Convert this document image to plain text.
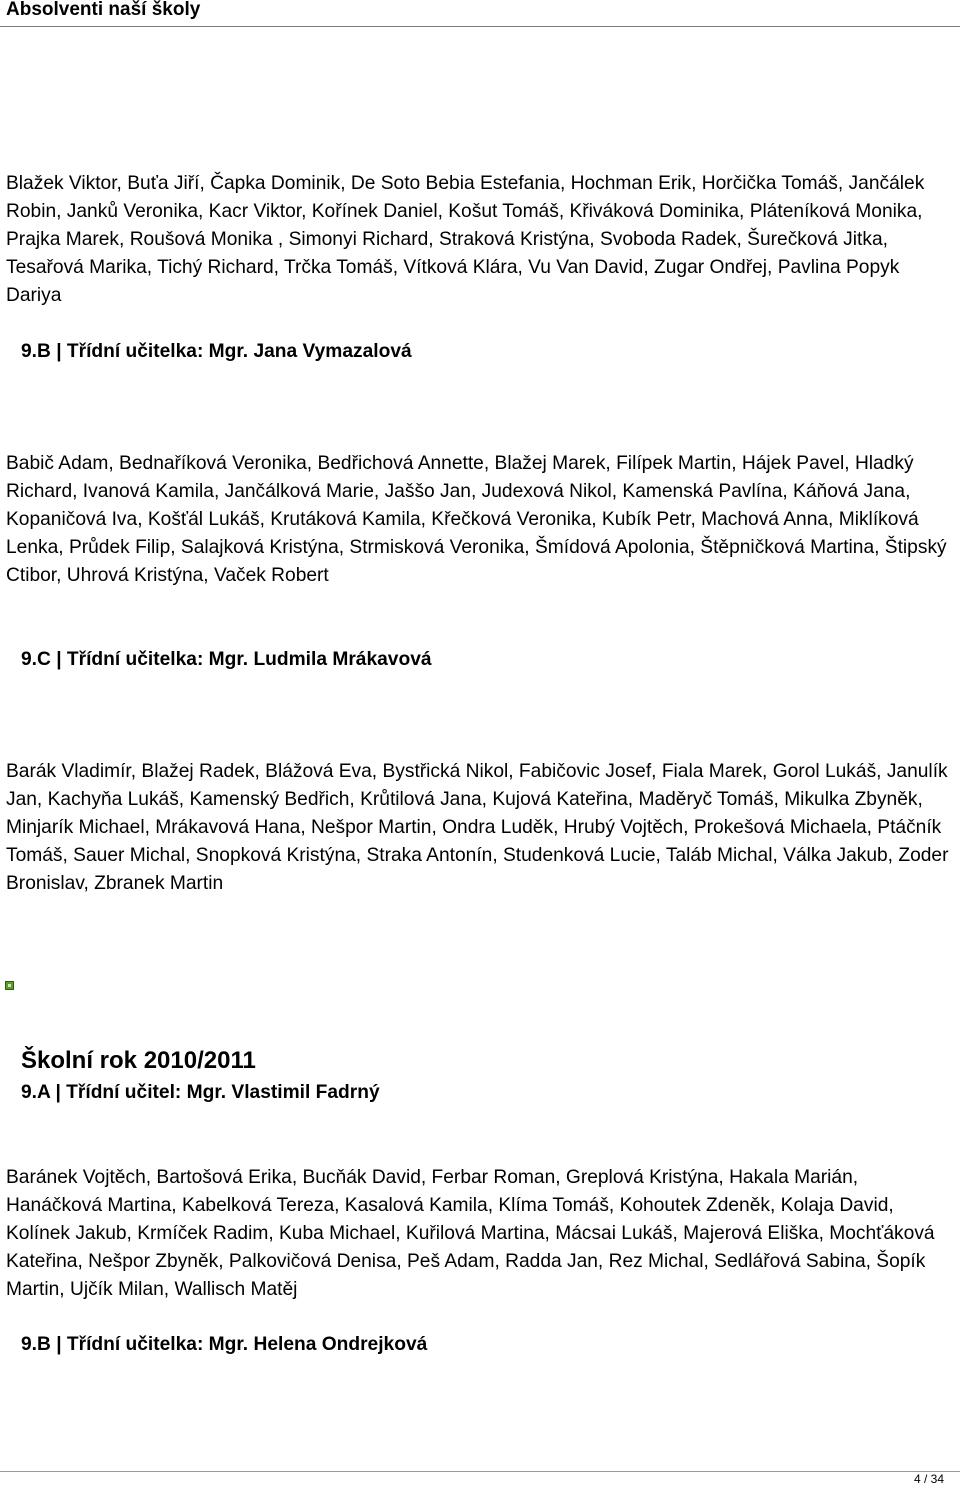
Absolventi naší školy

Blažek Viktor, Buťa Jiří, Čapka Dominik, De Soto Bebia Estefania, Hochman Erik, Horčička Tomáš, Jančálek Robin, Janků Veronika, Kacr Viktor, Kořínek Daniel, Košut Tomáš, Křiváková Dominika, Pláteníková Monika, Prajka Marek, Roušová Monika , Simonyi Richard, Straková Kristýna, Svoboda Radek, Šurečková Jitka, Tesařová Marika, Tichý Richard, Trčka Tomáš, Vítková Klára, Vu Van David, Zugar Ondřej, Pavlina Popyk Dariya

9.B | Třídní učitelka: Mgr. Jana Vymazalová

Babič Adam, Bednaříková Veronika, Bedřichová Annette, Blažej Marek, Filípek Martin, Hájek Pavel, Hladký Richard, Ivanová Kamila, Jančálková Marie, Jaššo Jan, Judexová Nikol, Kamenská Pavlína, Káňová Jana, Kopaničová Iva, Košťál Lukáš, Krutáková Kamila, Křečková Veronika, Kubík Petr, Machová Anna, Miklíková Lenka, Průdek Filip, Salajková Kristýna, Strmisková Veronika, Šmídová Apolonia, Štěpničková Martina, Štipský Ctibor, Uhrová Kristýna, Vaček Robert

9.C | Třídní učitelka: Mgr. Ludmila Mrákavová

Barák Vladimír, Blažej Radek, Blážová Eva, Bystřická Nikol, Fabičovic Josef, Fiala Marek, Gorol Lukáš, Janulík Jan, Kachyňa Lukáš, Kamenský Bedřich, Krůtilová Jana, Kujová Kateřina, Maděryč Tomáš, Mikulka Zbyněk, Minjarík Michael, Mrákavová Hana, Nešpor Martin, Ondra Luděk, Hrubý Vojtěch, Prokešová Michaela, Ptáčník Tomáš, Sauer Michal, Snopková Kristýna, Straka Antonín, Studenková Lucie, Taláb Michal, Válka Jakub, Zoder Bronislav, Zbranek Martin

Školní rok 2010/2011
9.A | Třídní učitel: Mgr. Vlastimil Fadrný

Baránek Vojtěch, Bartošová Erika, Bucňák David, Ferbar Roman, Greplová Kristýna, Hakala Marián, Hanáčková Martina, Kabelková Tereza, Kasalová Kamila, Klíma Tomáš, Kohoutek Zdeněk, Kolaja David, Kolínek Jakub, Krmíček Radim, Kuba Michael, Kuřilová Martina, Mácsai Lukáš, Majerová Eliška, Mochťáková Kateřina, Nešpor Zbyněk, Palkovičová Denisa, Peš Adam, Radda Jan, Rez Michal, Sedlářová Sabina, Šopík Martin, Ujčík Milan, Wallisch Matěj

9.B | Třídní učitelka: Mgr. Helena Ondrejková
4 / 34
